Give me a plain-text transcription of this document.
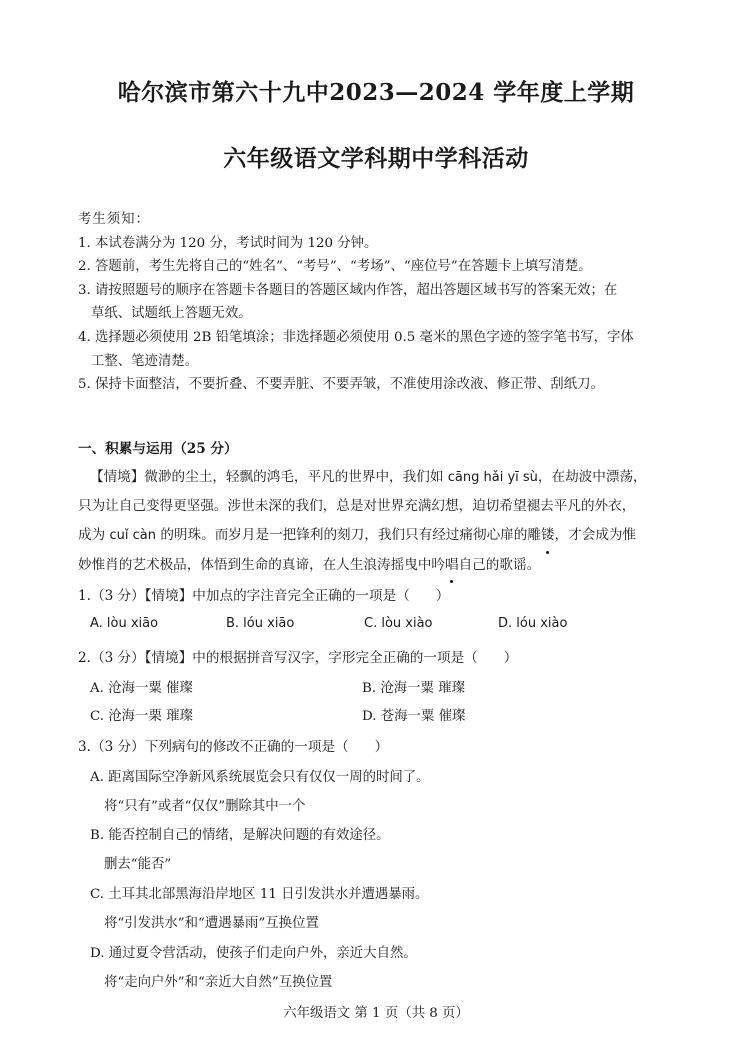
哈尔滨市第六十九中2023—2024 学年度上学期
六年级语文学科期中学科活动
考生须知：
1. 本试卷满分为 120 分，考试时间为 120 分钟。
2. 答题前，考生先将自己的“姓名”、“考号”、“考场”、“座位号”在答题卡上填写清楚。
3. 请按照题号的顺序在答题卡各题目的答题区域内作答，超出答题区域书写的答案无效；在
草纸、试题纸上答题无效。
4. 选择题必须使用 2B 铅笔填涂；非选择题必须使用 0.5 毫米的黑色字迹的签字笔书写，字体
工整、笔迹清楚。
5. 保持卡面整洁，不要折叠、不要弄脏、不要弄皱，不准使用涂改液、修正带、刮纸刀。
一、积累与运用（25 分）

【情境】微渺的尘土，轻飘的鸿毛，平凡的世界中，我们如 cāng hǎi yī sù，在劫波中漂荡，

只为让自己变得更坚强。涉世未深的我们，总是对世界充满幻想，迫切希望褪去平凡的外衣，

成为 cuǐ càn 的明珠。而岁月是一把锋利的刻刀，我们只有经过痛彻心扉的雕镂，才会成为惟

妙惟肖的艺术极品，体悟到生命的真谛，在人生浪涛摇曳中吟唱自己的歌谣。

1.（3 分）【情境】中加点的字注音完全正确的一项是（ ）
A. lòu xiāo	B. lóu xiāo	C. lòu xiào	D. lóu xiào
2.（3 分）【情境】中的根据拼音写汉字，字形完全正确的一项是（ ）
A. 沧海一粟 催璨	B. 沧海一粟 璀璨
C. 沧海一栗 璀璨	D. 苍海一粟 催璨
3.（3 分）下列病句的修改不正确的一项是（ ）
A. 距离国际空净新风系统展览会只有仅仅一周的时间了。
将“只有”或者“仅仅”删除其中一个
B. 能否控制自己的情绪，是解决问题的有效途径。
删去“能否”
C. 土耳其北部黑海沿岸地区 11 日引发洪水并遭遇暴雨。
将“引发洪水”和“遭遇暴雨”互换位置
D. 通过夏令营活动，使孩子们走向户外，亲近大自然。
将“走向户外”和“亲近大自然”互换位置
六年级语文 第 1 页（共 8 页）
